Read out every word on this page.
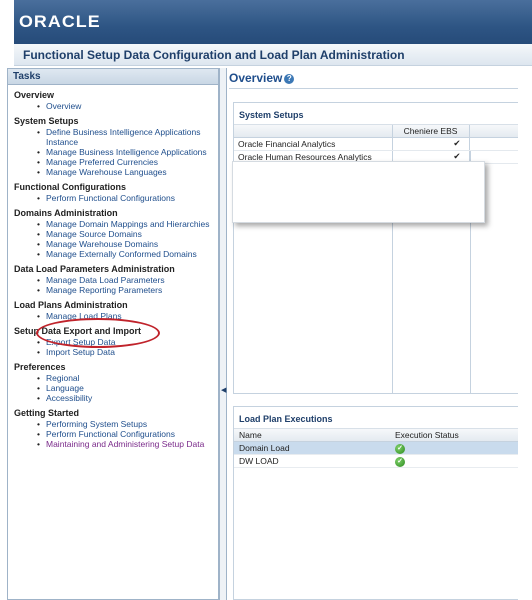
ORACLE
Functional Setup Data Configuration and Load Plan Administration
Tasks
Overview
• Overview
System Setups
• Define Business Intelligence Applications Instance
• Manage Business Intelligence Applications
• Manage Preferred Currencies
• Manage Warehouse Languages
Functional Configurations
• Perform Functional Configurations
Domains Administration
• Manage Domain Mappings and Hierarchies
• Manage Source Domains
• Manage Warehouse Domains
• Manage Externally Conformed Domains
Data Load Parameters Administration
• Manage Data Load Parameters
• Manage Reporting Parameters
Load Plans Administration
• Manage Load Plans
Setup Data Export and Import
• Export Setup Data
• Import Setup Data
Preferences
• Regional
• Language
• Accessibility
Getting Started
• Performing System Setups
• Perform Functional Configurations
• Maintaining and Administering Setup Data
◀
Overview ?
System Setups
	Cheniere EBS	
Oracle Financial Analytics	✔	
Oracle Human Resources Analytics	✔	
Load Plan Executions
Name	Execution Status
Domain Load	✓
DW LOAD	✓
